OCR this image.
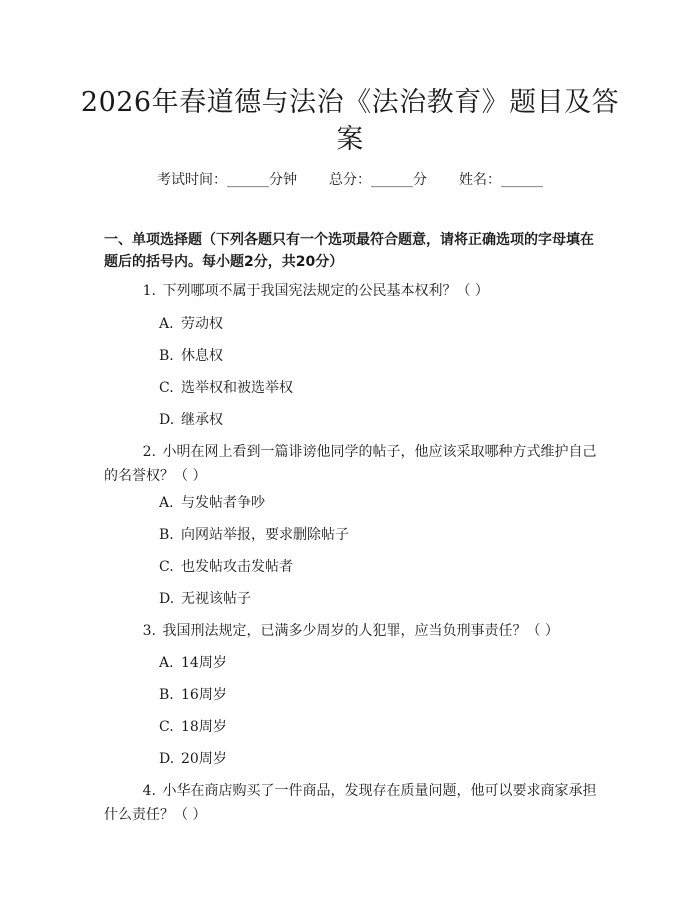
2026年春道德与法治《法治教育》题目及答案
考试时间：______分钟 总分：______分 姓名：______
一、单项选择题（下列各题只有一个选项最符合题意，请将正确选项的字母填在题后的括号内。每小题2分，共20分）
1. 下列哪项不属于我国宪法规定的公民基本权利？（ ）
A. 劳动权
B. 休息权
C. 选举权和被选举权
D. 继承权
2. 小明在网上看到一篇诽谤他同学的帖子，他应该采取哪种方式维护自己的名誉权？（ ）
A. 与发帖者争吵
B. 向网站举报，要求删除帖子
C. 也发帖攻击发帖者
D. 无视该帖子
3. 我国刑法规定，已满多少周岁的人犯罪，应当负刑事责任？（ ）
A. 14周岁
B. 16周岁
C. 18周岁
D. 20周岁
4. 小华在商店购买了一件商品，发现存在质量问题，他可以要求商家承担什么责任？（ ）
